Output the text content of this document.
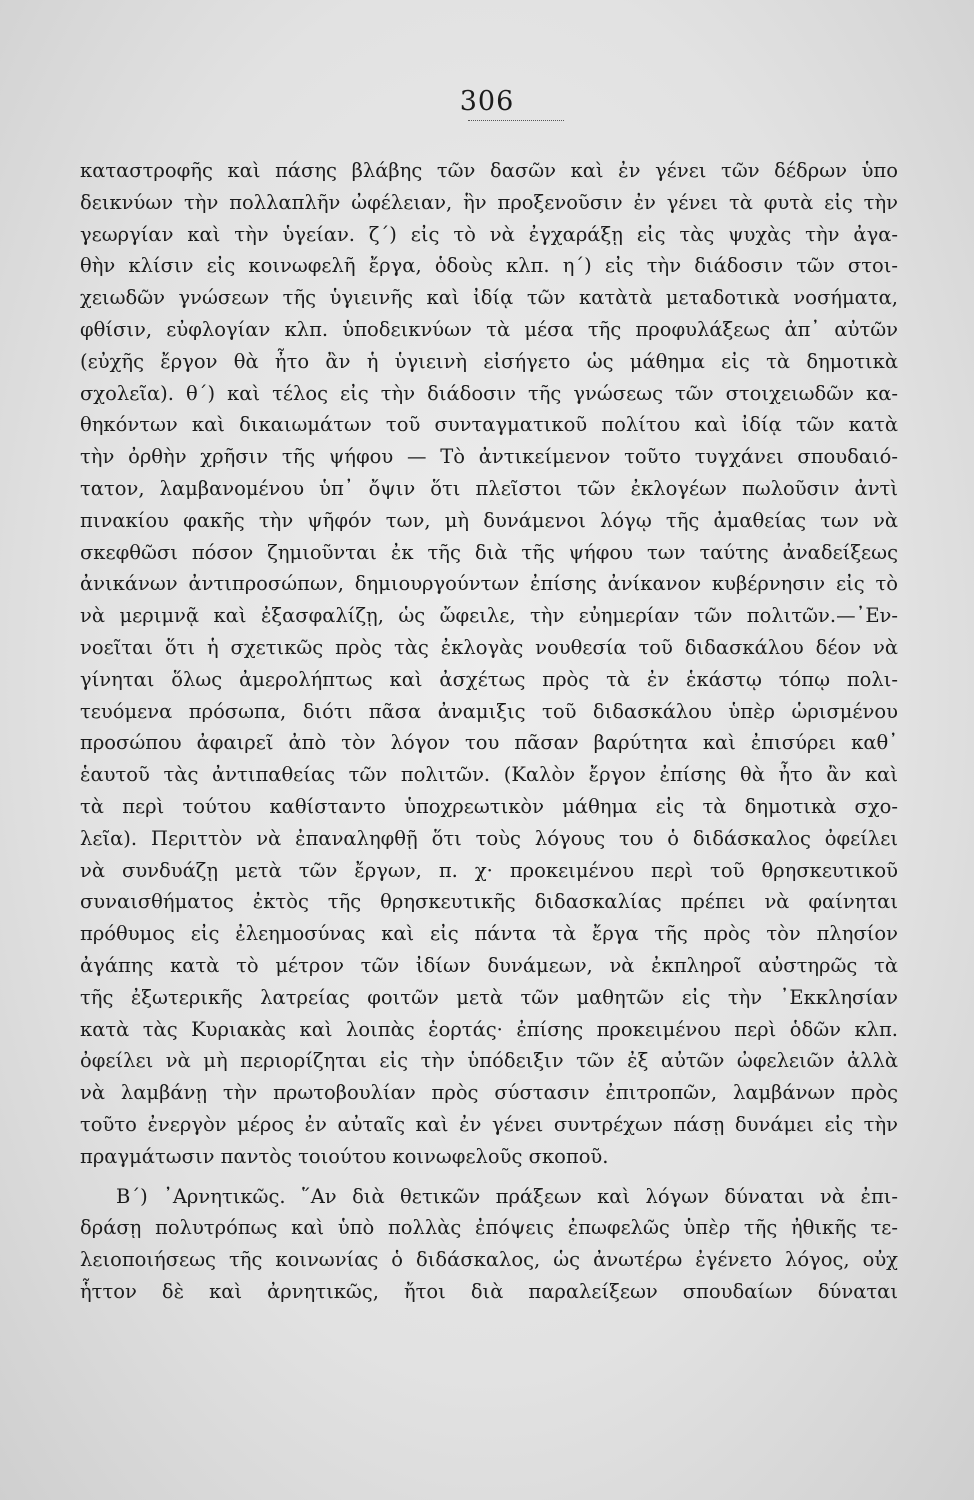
306
καταστροφῆς καὶ πάσης βλάβης τῶν δασῶν καὶ ἐν γένει τῶν δέδρων ὑπο
δεικνύων τὴν πολλαπλῆν ὠφέλειαν, ἣν προξενοῦσιν ἐν γένει τὰ φυτὰ εἰς τὴν
γεωργίαν καὶ τὴν ὑγείαν. ζ΄) εἰς τὸ νὰ ἐγχαράξῃ εἰς τὰς ψυχὰς τὴν ἀγα-
θὴν κλίσιν εἰς κοινωφελῆ ἔργα, ὁδοὺς κλπ. η΄) εἰς τὴν διάδοσιν τῶν στοι-
χειωδῶν γνώσεων τῆς ὑγιεινῆς καὶ ἰδίᾳ τῶν κατὰτὰ μεταδοτικὰ νοσήματα,
φθίσιν, εὐφλογίαν κλπ. ὑποδεικνύων τὰ μέσα τῆς προφυλάξεως ἀπ᾽ αὐτῶν
(εὐχῆς ἔργον θὰ ἦτο ἂν ἡ ὑγιεινὴ εἰσήγετο ὡς μάθημα εἰς τὰ δημοτικὰ
σχολεῖα). θ΄) καὶ τέλος εἰς τὴν διάδοσιν τῆς γνώσεως τῶν στοιχειωδῶν κα-
θηκόντων καὶ δικαιωμάτων τοῦ συνταγματικοῦ πολίτου καὶ ἰδίᾳ τῶν κατὰ
τὴν ὀρθὴν χρῆσιν τῆς ψήφου — Τὸ ἀντικείμενον τοῦτο τυγχάνει σπουδαιό-
τατον, λαμβανομένου ὑπ᾽ ὄψιν ὅτι πλεῖστοι τῶν ἐκλογέων πωλοῦσιν ἀντὶ
πινακίου φακῆς τὴν ψῆφόν των, μὴ δυνάμενοι λόγῳ τῆς ἀμαθείας των νὰ
σκεφθῶσι πόσον ζημιοῦνται ἐκ τῆς διὰ τῆς ψήφου των ταύτης ἀναδείξεως
ἀνικάνων ἀντιπροσώπων, δημιουργούντων ἐπίσης ἀνίκανον κυβέρνησιν εἰς τὸ
νὰ μεριμνᾷ καὶ ἐξασφαλίζῃ, ὡς ὤφειλε, τὴν εὐημερίαν τῶν πολιτῶν.—᾽Εν-
νοεῖται ὅτι ἡ σχετικῶς πρὸς τὰς ἐκλογὰς νουθεσία τοῦ διδασκάλου δέον νὰ
γίνηται ὅλως ἀμερολήπτως καὶ ἀσχέτως πρὸς τὰ ἐν ἑκάστῳ τόπῳ πολι-
τευόμενα πρόσωπα, διότι πᾶσα ἀναμιξις τοῦ διδασκάλου ὑπὲρ ὡρισμένου
προσώπου ἀφαιρεῖ ἀπὸ τὸν λόγον του πᾶσαν βαρύτητα καὶ ἐπισύρει καθ᾽
ἑαυτοῦ τὰς ἀντιπαθείας τῶν πολιτῶν. (Καλὸν ἔργον ἐπίσης θὰ ἦτο ἂν καὶ
τὰ περὶ τούτου καθίσταντο ὑποχρεωτικὸν μάθημα εἰς τὰ δημοτικὰ σχο-
λεῖα). Περιττὸν νὰ ἐπαναληφθῇ ὅτι τοὺς λόγους του ὁ διδάσκαλος ὀφείλει
νὰ συνδυάζῃ μετὰ τῶν ἔργων, π. χ· προκειμένου περὶ τοῦ θρησκευτικοῦ
συναισθήματος ἐκτὸς τῆς θρησκευτικῆς διδασκαλίας πρέπει νὰ φαίνηται
πρόθυμος εἰς ἐλεημοσύνας καὶ εἰς πάντα τὰ ἔργα τῆς πρὸς τὸν πλησίον
ἀγάπης κατὰ τὸ μέτρον τῶν ἰδίων δυνάμεων, νὰ ἐκπληροῖ αὐστηρῶς τὰ
τῆς ἐξωτερικῆς λατρείας φοιτῶν μετὰ τῶν μαθητῶν εἰς τὴν ᾽Εκκλησίαν
κατὰ τὰς Κυριακὰς καὶ λοιπὰς ἑορτάς· ἐπίσης προκειμένου περὶ ὁδῶν κλπ.
ὀφείλει νὰ μὴ περιορίζηται εἰς τὴν ὑπόδειξιν τῶν ἐξ αὐτῶν ὠφελειῶν ἀλλὰ
νὰ λαμβάνῃ τὴν πρωτοβουλίαν πρὸς σύστασιν ἐπιτροπῶν, λαμβάνων πρὸς
τοῦτο ἐνεργὸν μέρος ἐν αὐταῖς καὶ ἐν γένει συντρέχων πάσῃ δυνάμει εἰς τὴν
πραγμάτωσιν παντὸς τοιούτου κοινωφελοῦς σκοποῦ.
Β΄) ᾽Αρνητικῶς. ῞Αν διὰ θετικῶν πράξεων καὶ λόγων δύναται νὰ ἐπι-
δράσῃ πολυτρόπως καὶ ὑπὸ πολλὰς ἐπόψεις ἐπωφελῶς ὑπὲρ τῆς ἠθικῆς τε-
λειοποιήσεως τῆς κοινωνίας ὁ διδάσκαλος, ὡς ἀνωτέρω ἐγένετο λόγος, οὐχ
ἧττον δὲ καὶ ἀρνητικῶς, ἤτοι διὰ παραλείξεων σπουδαίων δύναται
